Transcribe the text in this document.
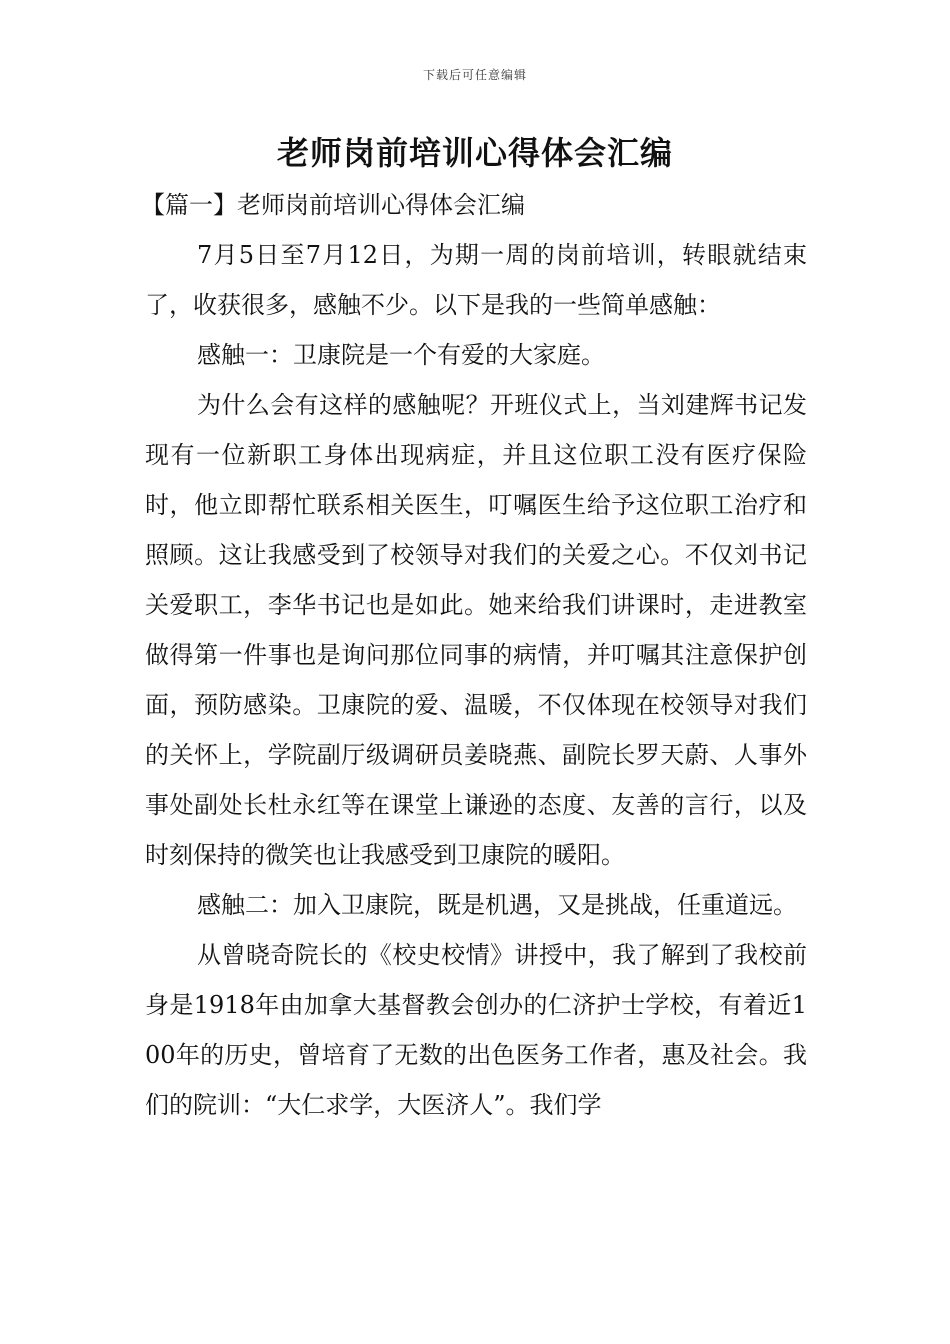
下载后可任意编辑
老师岗前培训心得体会汇编
【篇一】老师岗前培训心得体会汇编

7月5日至7月12日，为期一周的岗前培训，转眼就结束了，收获很多，感触不少。以下是我的一些简单感触：

感触一：卫康院是一个有爱的大家庭。

为什么会有这样的感触呢？开班仪式上，当刘建辉书记发现有一位新职工身体出现病症，并且这位职工没有医疗保险时，他立即帮忙联系相关医生，叮嘱医生给予这位职工治疗和照顾。这让我感受到了校领导对我们的关爱之心。不仅刘书记关爱职工，李华书记也是如此。她来给我们讲课时，走进教室做得第一件事也是询问那位同事的病情，并叮嘱其注意保护创面，预防感染。卫康院的爱、温暖，不仅体现在校领导对我们的关怀上，学院副厅级调研员姜晓燕、副院长罗天蔚、人事外事处副处长杜永红等在课堂上谦逊的态度、友善的言行，以及时刻保持的微笑也让我感受到卫康院的暖阳。

感触二：加入卫康院，既是机遇，又是挑战，任重道远。

从曾晓奇院长的《校史校情》讲授中，我了解到了我校前身是1918年由加拿大基督教会创办的仁济护士学校，有着近100年的历史，曾培育了无数的出色医务工作者，惠及社会。我们的院训：“大仁求学，大医济人”。我们学
